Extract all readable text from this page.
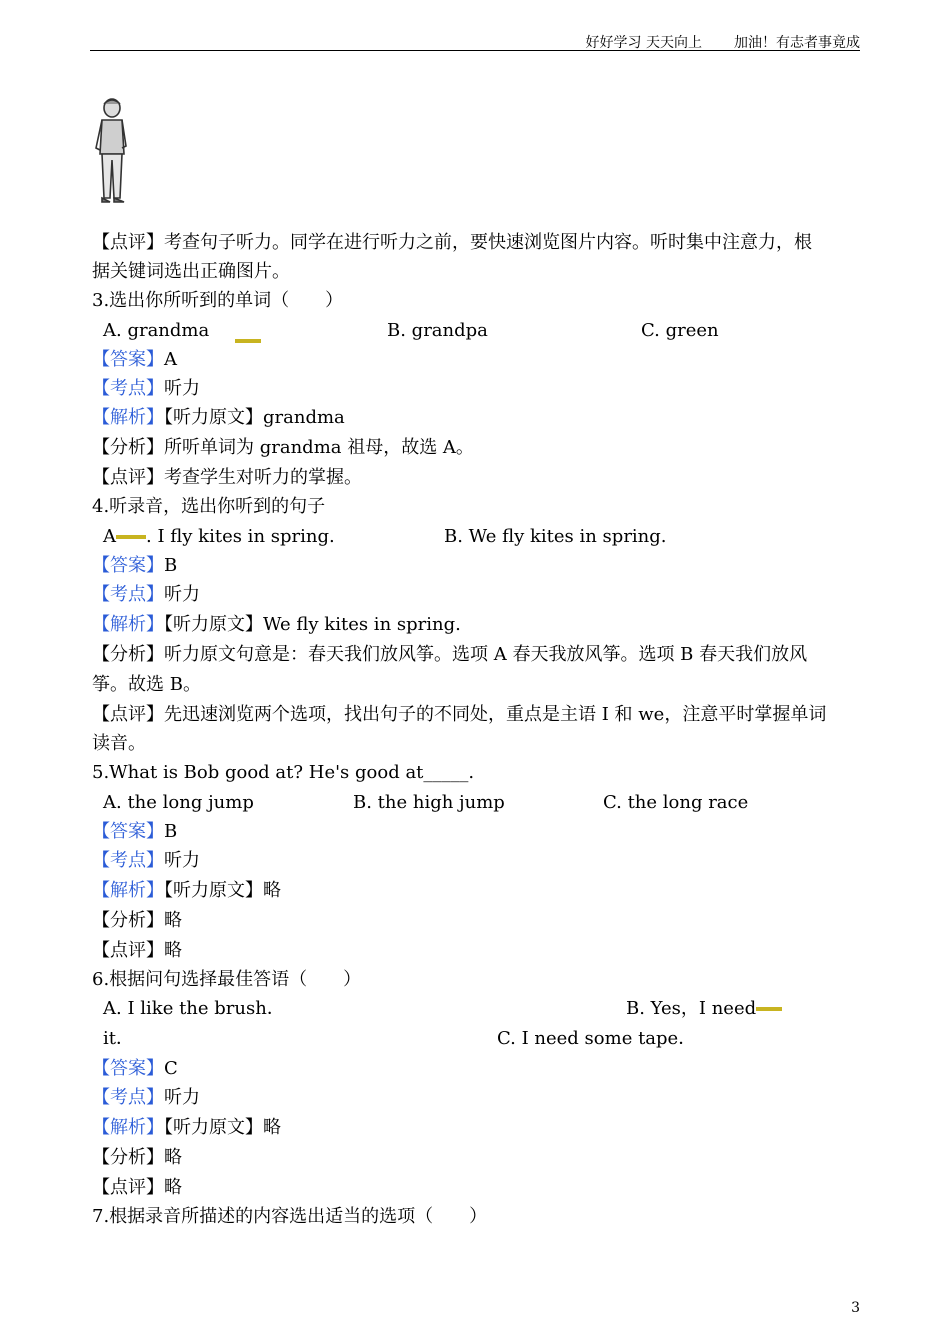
好好学习 天天向上 加油！有志者事竟成
【点评】考查句子听力。同学在进行听力之前，要快速浏览图片内容。听时集中注意力，根
据关键词选出正确图片。
3.选出你所听到的单词（　　）
A. grandma	B. grandpa	C. green
【答案】A
【考点】听力
【解析】【听力原文】grandma
【分析】所听单词为 grandma 祖母，故选 A。
【点评】考查学生对听力的掌握。
4.听录音，选出你听到的句子
A . I fly kites in spring.	B. We fly kites in spring.
【答案】B
【考点】听力
【解析】【听力原文】We fly kites in spring.
【分析】听力原文句意是：春天我们放风筝。选项 A 春天我放风筝。选项 B 春天我们放风
筝。故选 B。
【点评】先迅速浏览两个选项，找出句子的不同处，重点是主语 I 和 we，注意平时掌握单词
读音。
5.What is Bob good at? He's good at_____.
A. the long jump	B. the high jump	C. the long race
【答案】B
【考点】听力
【解析】【听力原文】略
【分析】略
【点评】略
6.根据问句选择最佳答语（　　）
A. I like the brush．	B. Yes，I need
it．	C. I need some tape．
【答案】C
【考点】听力
【解析】【听力原文】略
【分析】略
【点评】略
7.根据录音所描述的内容选出适当的选项（　　）
3
